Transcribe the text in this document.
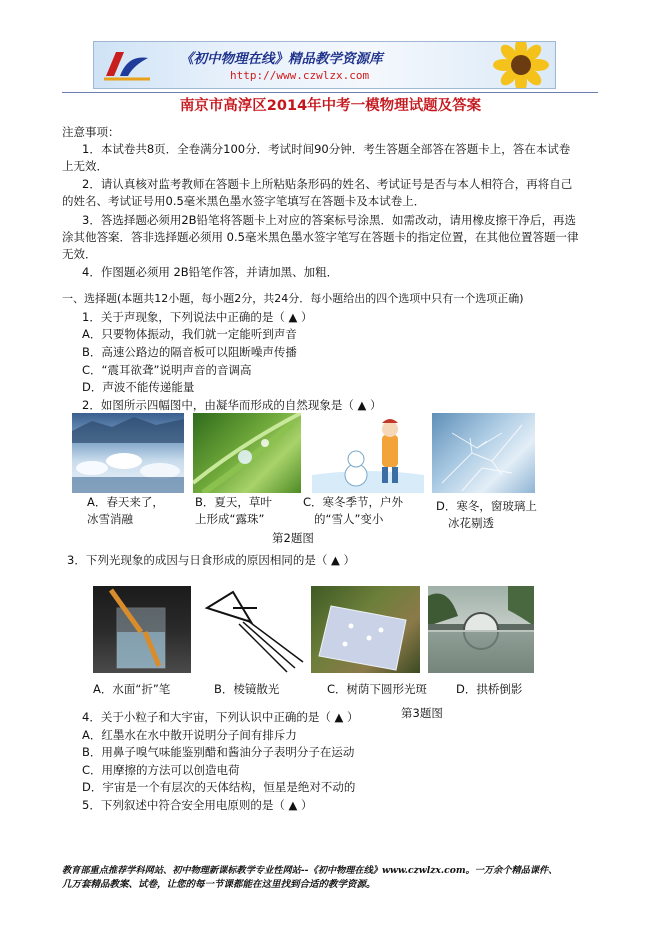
《初中物理在线》精品教学资源库
http://www.czwlzx.com
南京市高淳区2014年中考一模物理试题及答案
注意事项：
1．本试卷共8页．全卷满分100分．考试时间90分钟．考生答题全部答在答题卡上，答在本试卷
上无效．
2．请认真核对监考教师在答题卡上所粘贴条形码的姓名、考试证号是否与本人相符合，再将自己
的姓名、考试证号用0.5毫米黑色墨水签字笔填写在答题卡及本试卷上．
3．答选择题必须用2B铅笔将答题卡上对应的答案标号涂黑．如需改动，请用橡皮擦干净后，再选
涂其他答案．答非选择题必须用 0.5毫米黑色墨水签字笔写在答题卡的指定位置，在其他位置答题一律
无效．
4．作图题必须用 2B铅笔作答，并请加黑、加粗．
一、选择题(本题共12小题，每小题2分，共24分．每小题给出的四个选项中只有一个选项正确)
1．关于声现象，下列说法中正确的是（ ▲ ）
A．只要物体振动，我们就一定能听到声音
B．高速公路边的隔音板可以阻断噪声传播
C．“震耳欲聋”说明声音的音调高
D．声波不能传递能量
2．如图所示四幅图中，由凝华而形成的自然现象是（ ▲ ）
A．春天来了，
冰雪消融
B．夏天，草叶
上形成“露珠”
C．寒冬季节，户外
的“雪人”变小
D．寒冬，窗玻璃上
冰花剔透
第2题图
3．下列光现象的成因与日食形成的原因相同的是（ ▲ ）
A．水面“折”笔	B．棱镜散光	C．树荫下圆形光斑	D．拱桥倒影
第3题图
4．关于小粒子和大宇宙，下列认识中正确的是（ ▲ ）
A．红墨水在水中散开说明分子间有排斥力
B．用鼻子嗅气味能鉴别醋和酱油分子表明分子在运动
C．用摩擦的方法可以创造电荷
D．宇宙是一个有层次的天体结构，恒星是绝对不动的
5．下列叙述中符合安全用电原则的是（ ▲ ）
教育部重点推荐学科网站、初中物理新课标教学专业性网站--《初中物理在线》www.czwlzx.com。一万余个精品课件、
几万套精品教案、试卷，让您的每一节课都能在这里找到合适的教学资源。
